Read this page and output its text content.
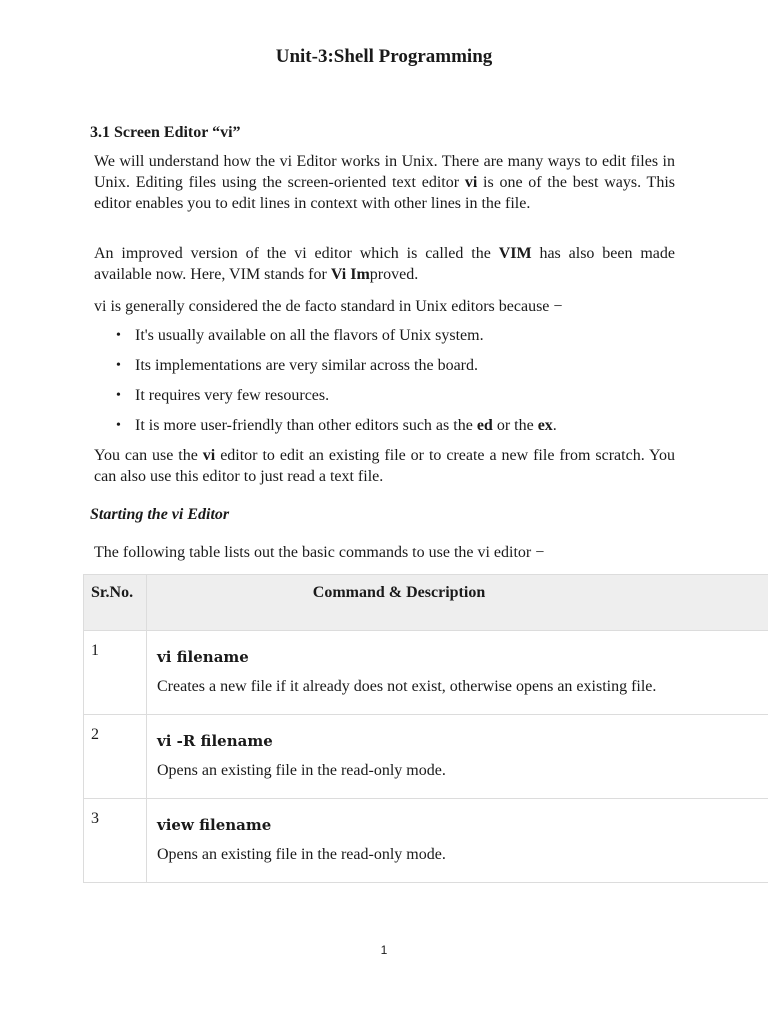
Unit-3:Shell Programming
3.1 Screen Editor “vi”

We will understand how the vi Editor works in Unix. There are many ways to edit files in Unix. Editing files using the screen-oriented text editor vi is one of the best ways. This editor enables you to edit lines in context with other lines in the file.

An improved version of the vi editor which is called the VIM has also been made available now. Here, VIM stands for Vi Improved.

vi is generally considered the de facto standard in Unix editors because −

• It's usually available on all the flavors of Unix system.
• Its implementations are very similar across the board.
• It requires very few resources.
• It is more user-friendly than other editors such as the ed or the ex.

You can use the vi editor to edit an existing file or to create a new file from scratch. You can also use this editor to just read a text file.

Starting the vi Editor
The following table lists out the basic commands to use the vi editor −
Sr.No.	Command & Description
1	vi filename
Creates a new file if it already does not exist, otherwise opens an existing file.

2	vi -R filename
Opens an existing file in the read-only mode.

3	view filename
Opens an existing file in the read-only mode.
1
